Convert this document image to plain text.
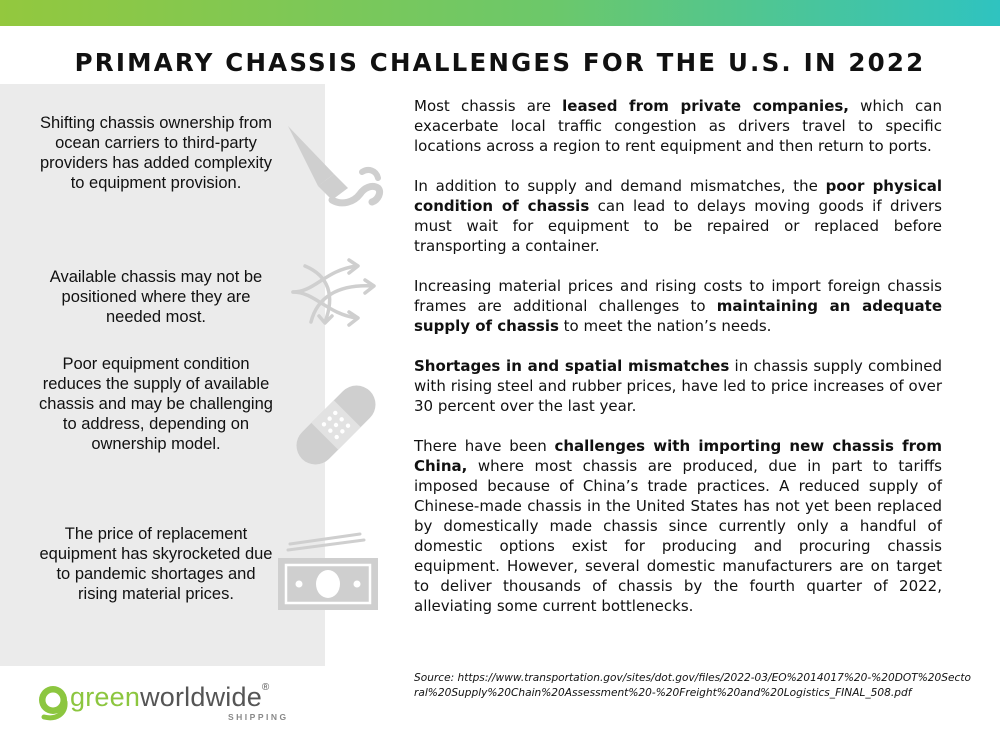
PRIMARY CHASSIS CHALLENGES FOR THE U.S. IN 2022
Shifting chassis ownership from ocean carriers to third-party providers has added complexity to equipment provision.
Available chassis may not be positioned where they are needed most.
Poor equipment condition reduces the supply of available chassis and may be challenging to address, depending on ownership model.
The price of replacement equipment has skyrocketed due to pandemic shortages and rising material prices.

Most chassis are leased from private companies, which can exacerbate local traffic congestion as drivers travel to specific locations across a region to rent equipment and then return to ports.

In addition to supply and demand mismatches, the poor physical condition of chassis can lead to delays moving goods if drivers must wait for equipment to be repaired or replaced before transporting a container.

Increasing material prices and rising costs to import foreign chassis frames are additional challenges to maintaining an adequate supply of chassis to meet the nation’s needs.

Shortages in and spatial mismatches in chassis supply combined with rising steel and rubber prices, have led to price increases of over 30 percent over the last year.

There have been challenges with importing new chassis from China, where most chassis are produced, due in part to tariffs imposed because of China’s trade practices. A reduced supply of Chinese-made chassis in the United States has not yet been replaced by domestically made chassis since currently only a handful of domestic options exist for producing and procuring chassis equipment. However, several domestic manufacturers are on target to deliver thousands of chassis by the fourth quarter of 2022, alleviating some current bottlenecks.

Source: https://www.transportation.gov/sites/dot.gov/files/2022-03/EO%2014017%20-%20DOT%20Sectoral%20Supply%20Chain%20Assessment%20-%20Freight%20and%20Logistics_FINAL_508.pdf
greenworldwide®
SHIPPING
